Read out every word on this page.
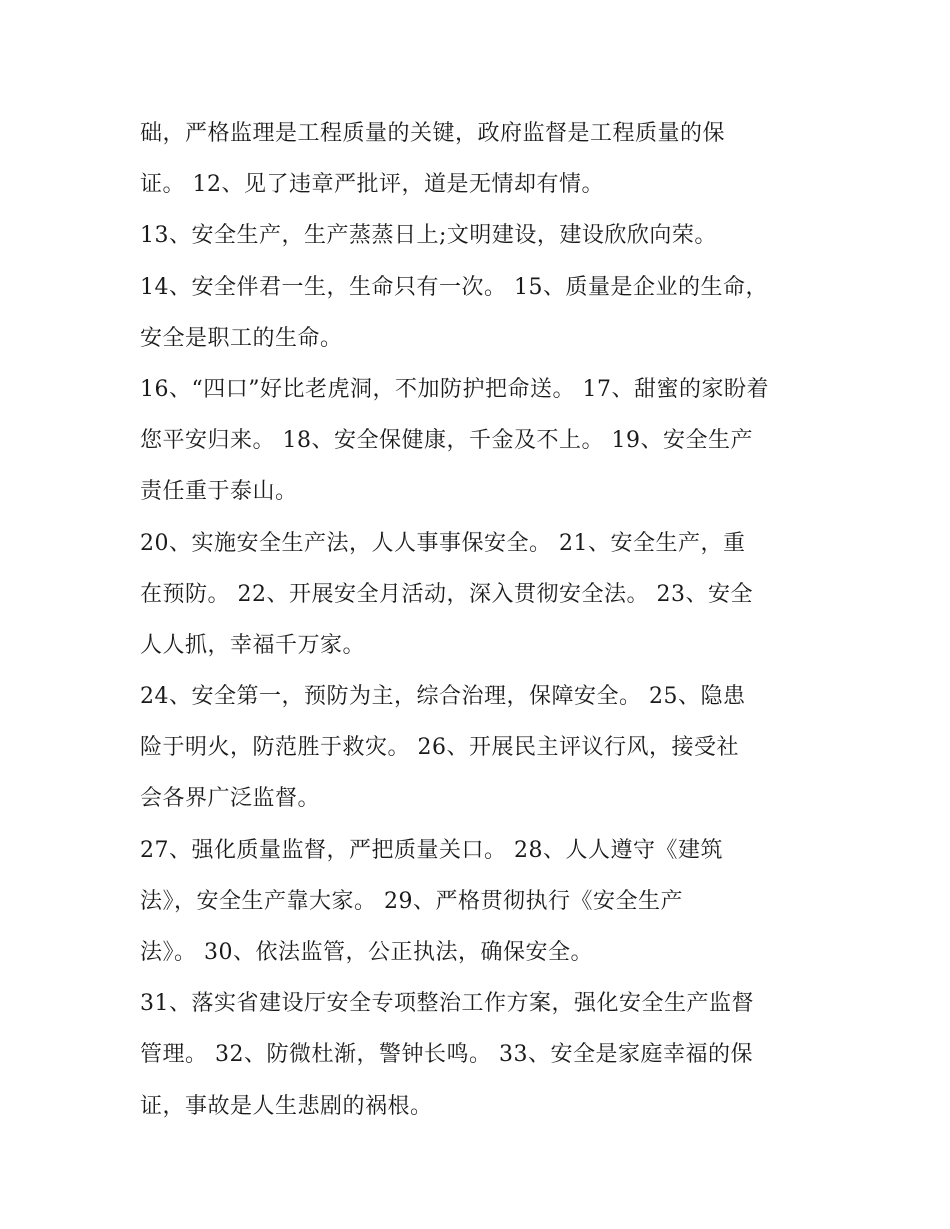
础，严格监理是工程质量的关键，政府监督是工程质量的保
证。 12、见了违章严批评，道是无情却有情。
13、安全生产，生产蒸蒸日上;文明建设，建设欣欣向荣。
14、安全伴君一生，生命只有一次。 15、质量是企业的生命，
安全是职工的生命。
16、“四口”好比老虎洞，不加防护把命送。 17、甜蜜的家盼着
您平安归来。 18、安全保健康，千金及不上。 19、安全生产
责任重于泰山。
20、实施安全生产法，人人事事保安全。 21、安全生产，重
在预防。 22、开展安全月活动，深入贯彻安全法。 23、安全
人人抓，幸福千万家。
24、安全第一，预防为主，综合治理，保障安全。 25、隐患
险于明火，防范胜于救灾。 26、开展民主评议行风，接受社
会各界广泛监督。
27、强化质量监督，严把质量关口。 28、人人遵守《建筑
法》，安全生产靠大家。 29、严格贯彻执行《安全生产
法》。 30、依法监管，公正执法，确保安全。
31、落实省建设厅安全专项整治工作方案，强化安全生产监督
管理。 32、防微杜渐，警钟长鸣。 33、安全是家庭幸福的保
证，事故是人生悲剧的祸根。
